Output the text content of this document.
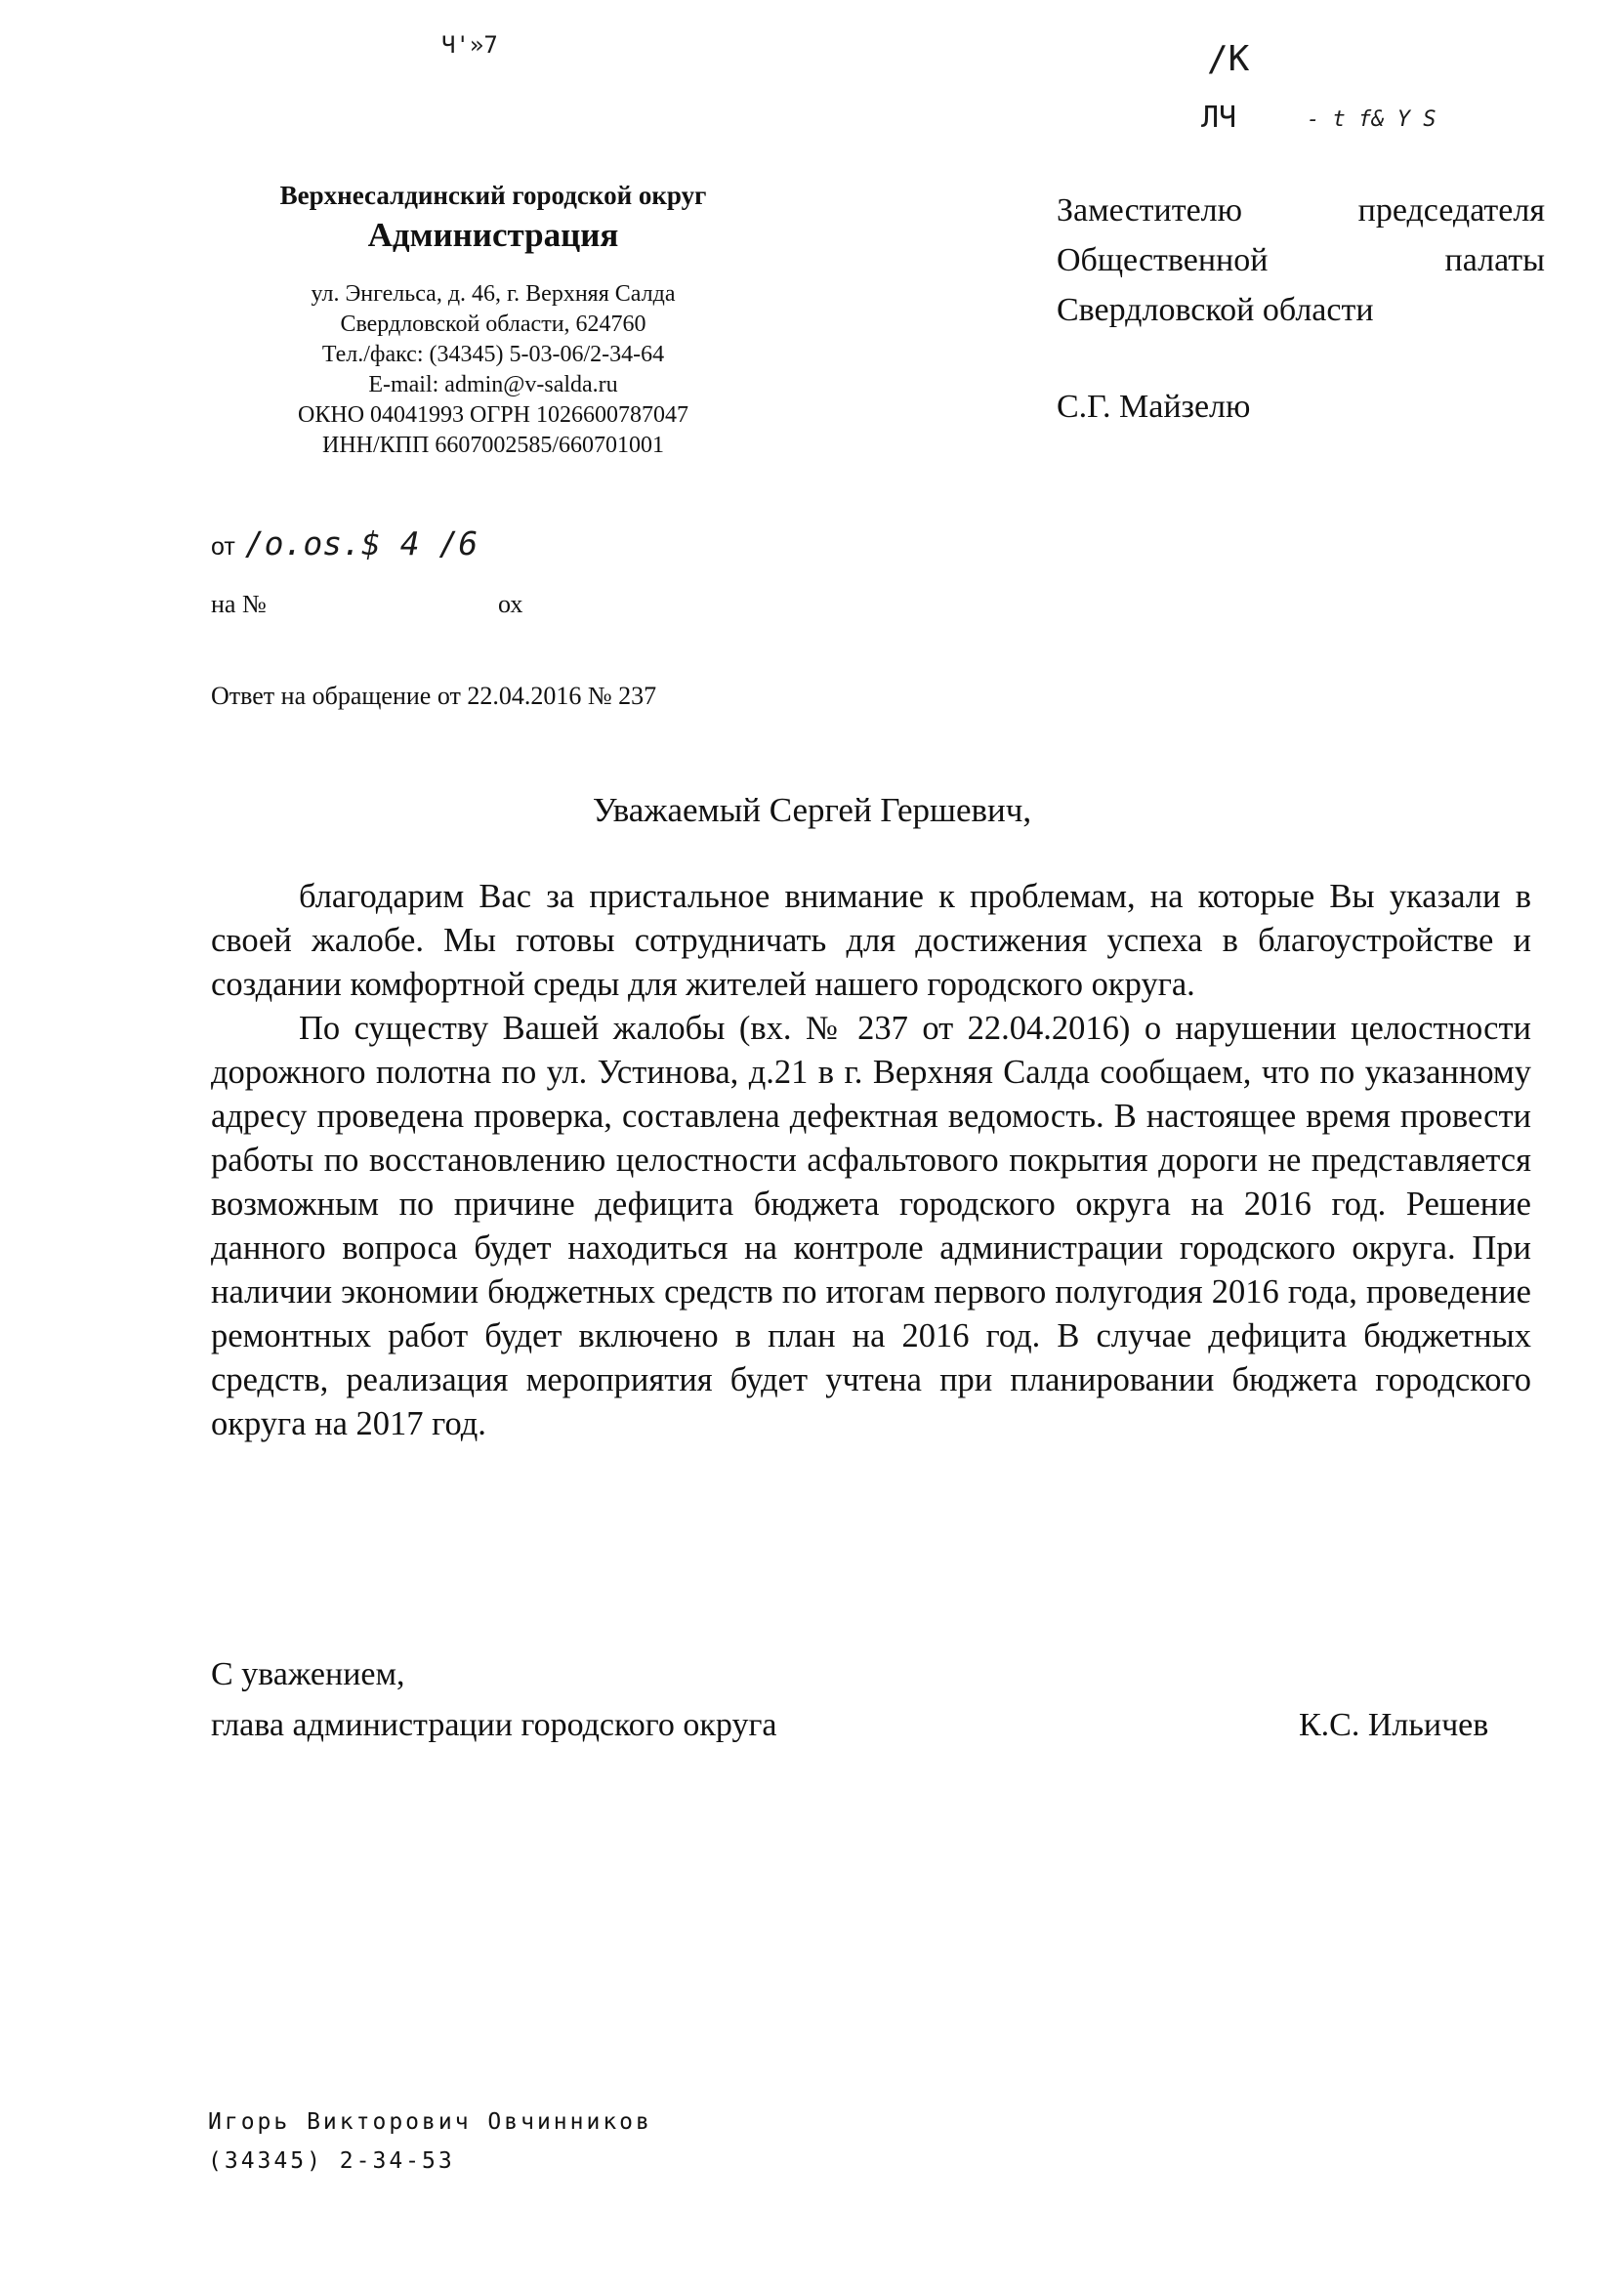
Ч'»7	/К
ЛЧ	- t f& Y S
Верхнесалдинский городской округ
Администрация
ул. Энгельса, д. 46, г. Верхняя Салда
Свердловской области, 624760
Тел./факс: (34345) 5-03-06/2-34-64
E-mail: admin@v-salda.ru
ОКНО 04041993 ОГРН 1026600787047
ИНН/КПП 6607002585/660701001
Заместителю	председателя
Общественной	палаты
Свердловской области
С.Г. Майзелю
от /о.оs.$ 4 /6
на №	ох
Ответ на обращение от 22.04.2016 № 237
Уважаемый Сергей Гершевич,

благодарим Вас за пристальное внимание к проблемам, на которые Вы указали в своей жалобе. Мы готовы сотрудничать для достижения успеха в благоустройстве и создании комфортной среды для жителей нашего городского округа.

По существу Вашей жалобы (вх. № 237 от 22.04.2016) о нарушении целостности дорожного полотна по ул. Устинова, д.21 в г. Верхняя Салда сообщаем, что по указанному адресу проведена проверка, составлена дефектная ведомость. В настоящее время провести работы по восстановлению целостности асфальтового покрытия дороги не представляется возможным по причине дефицита бюджета городского округа на 2016 год. Решение данного вопроса будет находиться на контроле администрации городского округа. При наличии экономии бюджетных средств по итогам первого полугодия 2016 года, проведение ремонтных работ будет включено в план на 2016 год. В случае дефицита бюджетных средств, реализация мероприятия будет учтена при планировании бюджета городского округа на 2017 год.

С уважением,
глава администрации городского округа	К.С. Ильичев
Игорь Викторович Овчинников
(34345) 2-34-53
